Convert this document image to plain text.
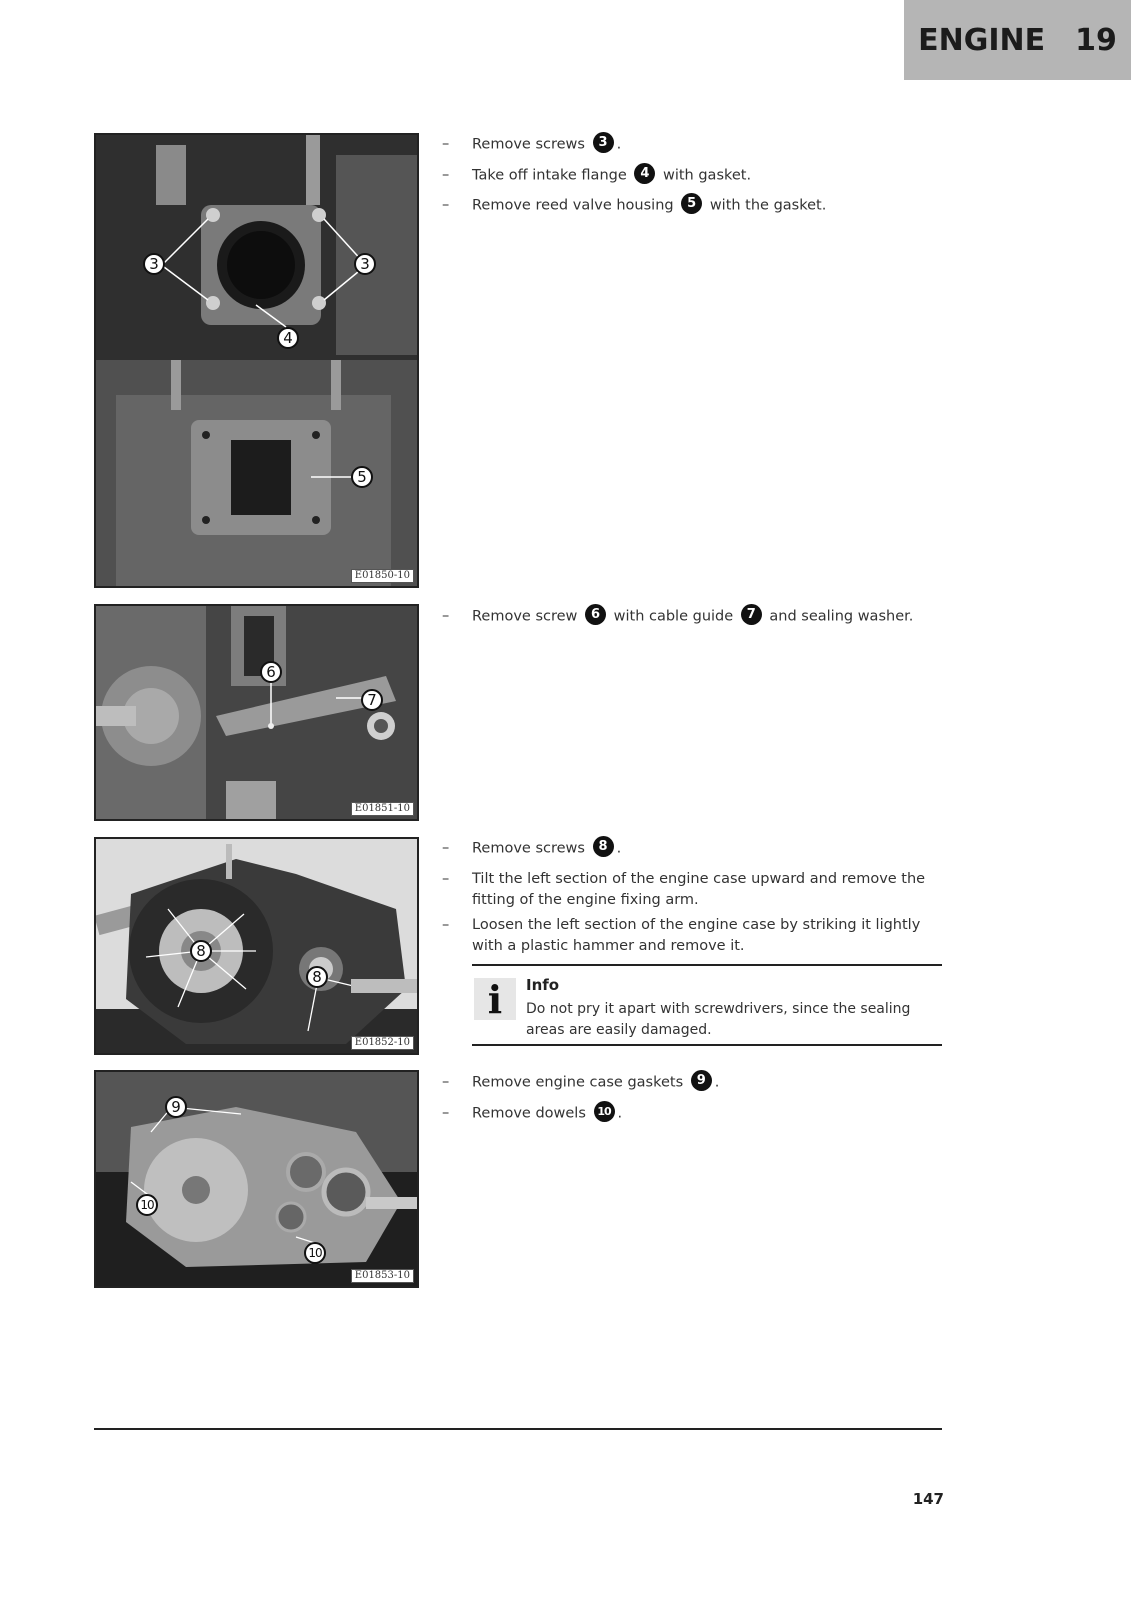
ENGINE 19
3	3
4
5
E01850-10
6
7
E01851-10
8
8
E01852-10
9
10
10
E01853-10
– Remove screws 3 .
– Take off intake flange 4 with gasket.
– Remove reed valve housing 5 with the gasket.
– Remove screw 6 with cable guide 7 and sealing washer.
– Remove screws 8 .
– Tilt the left section of the engine case upward and remove the fitting of the engine fixing arm.
– Loosen the left section of the engine case by striking it lightly with a plastic hammer and remove it.
i	Info
Do not pry it apart with screwdrivers, since the sealing areas are easily damaged.
– Remove engine case gaskets 9 .
– Remove dowels 10 .
147
